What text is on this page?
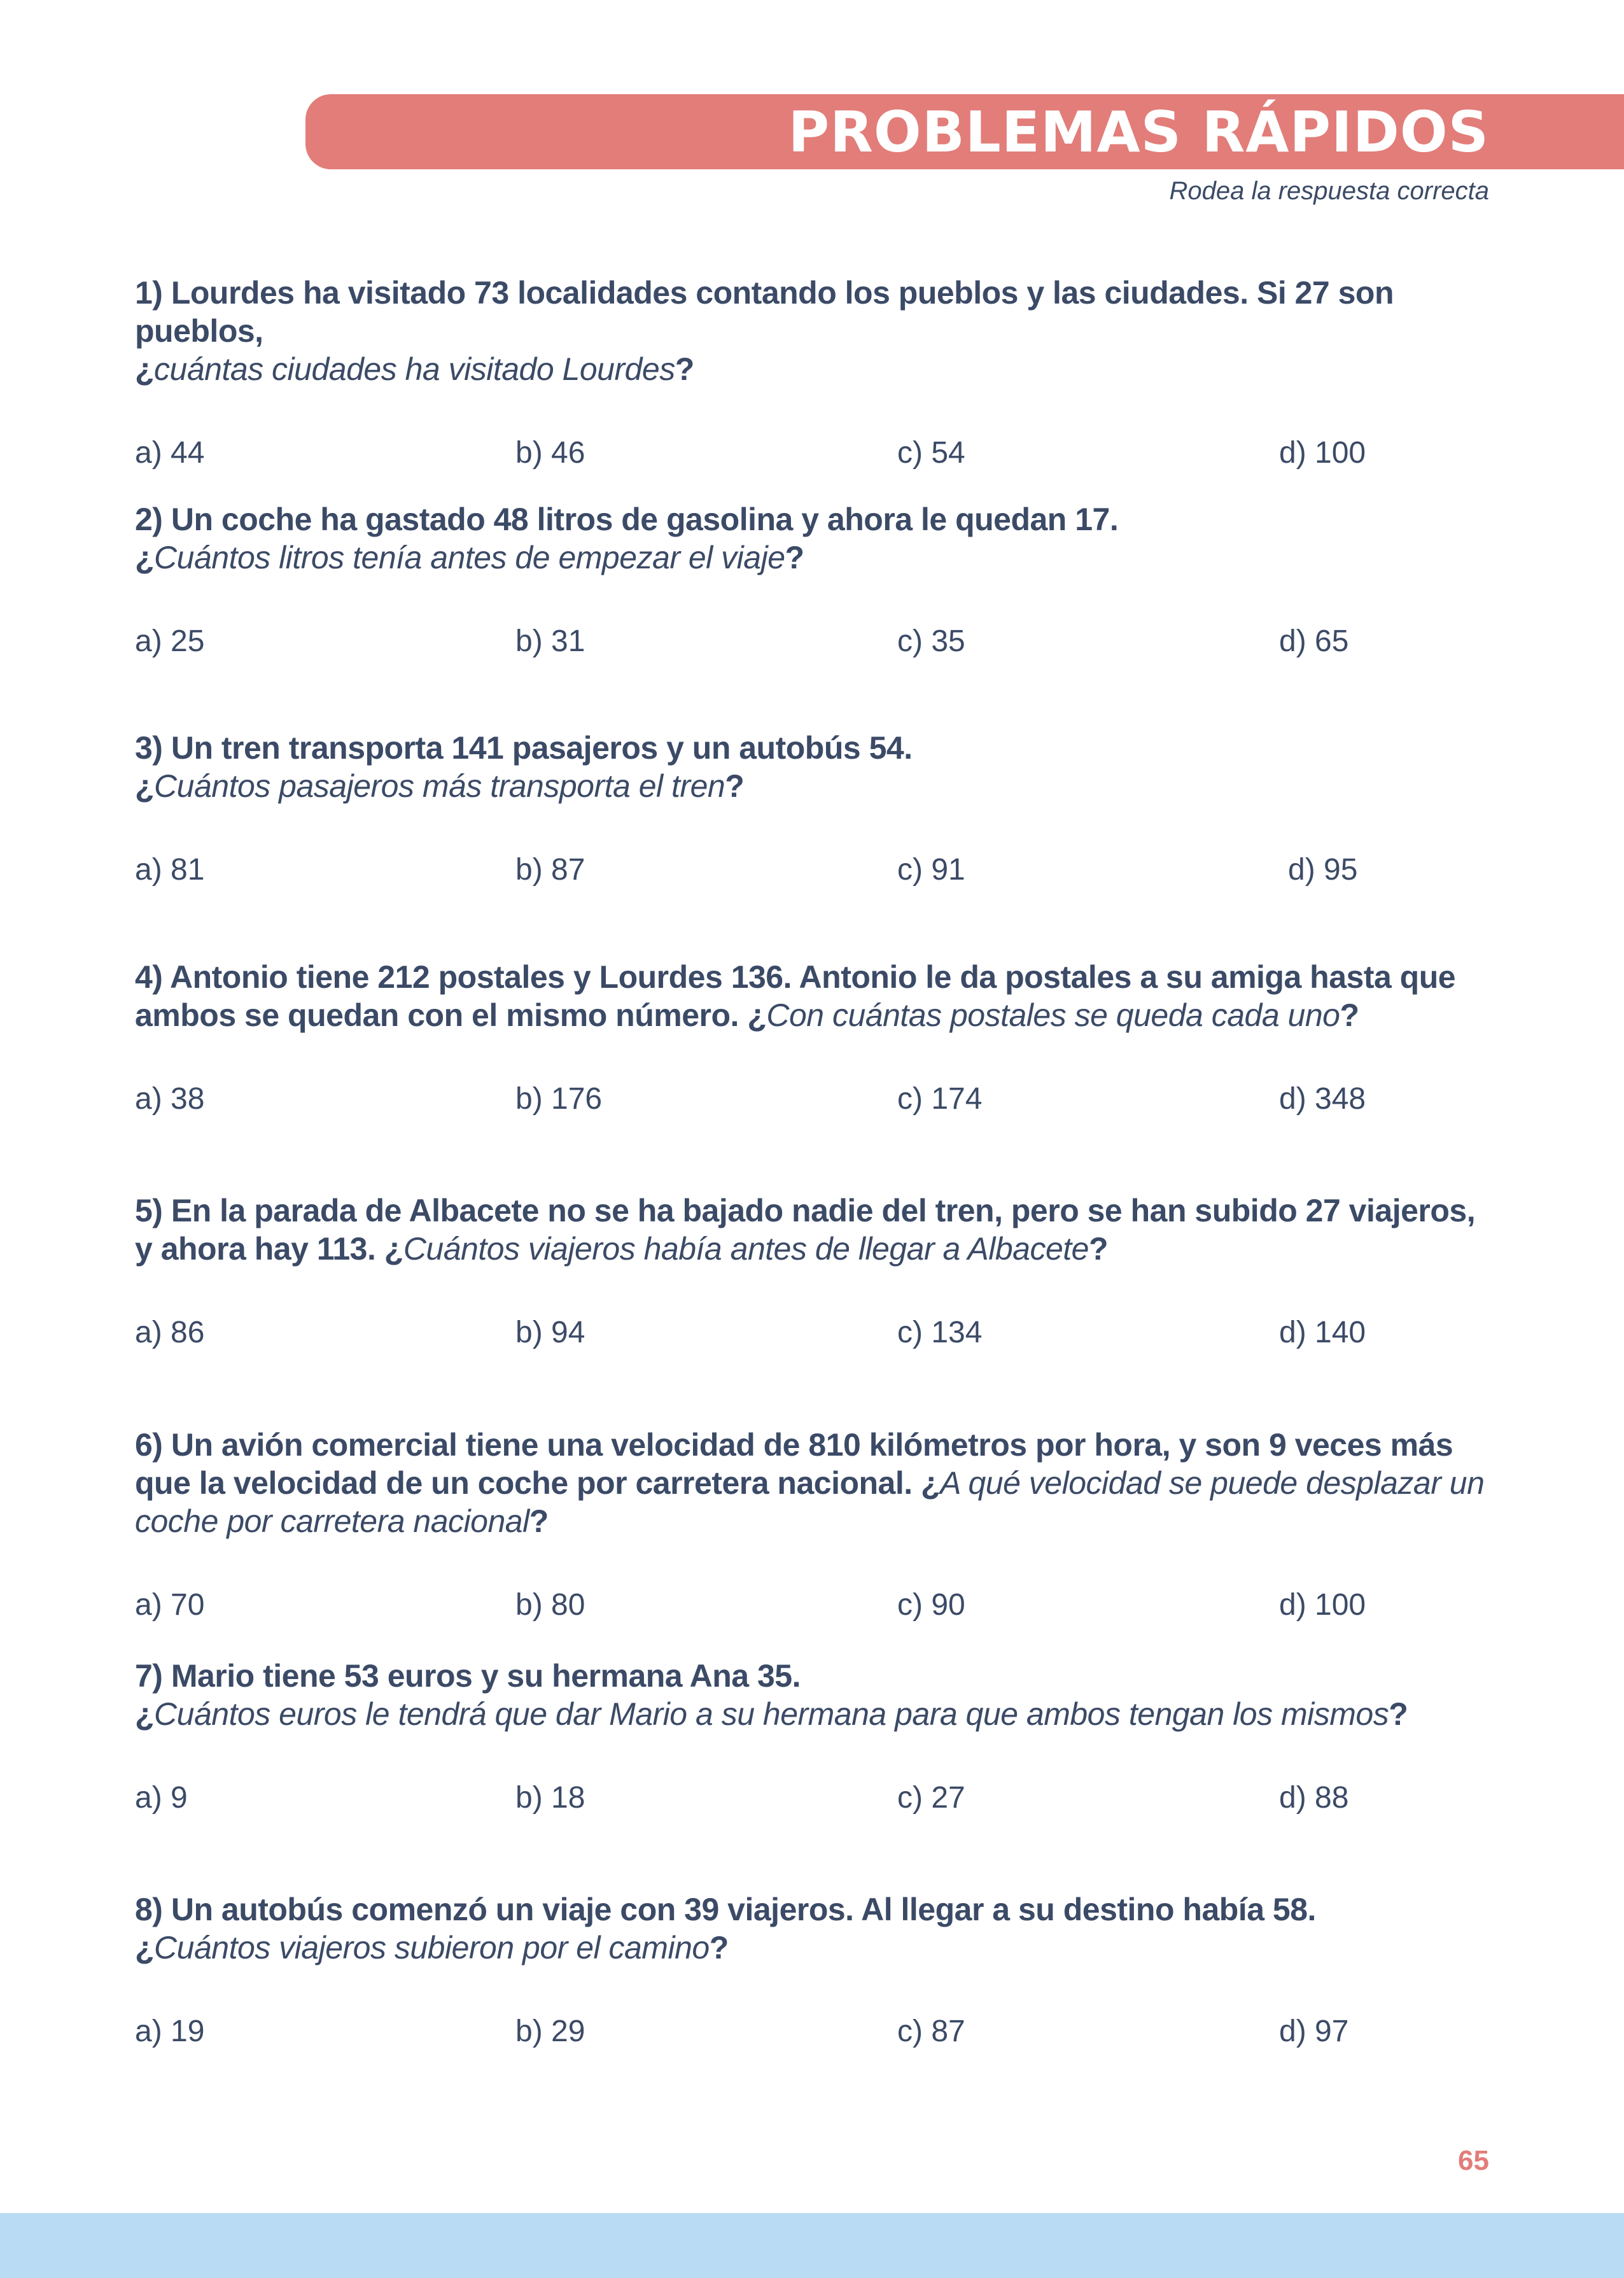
PROBLEMAS RÁPIDOS
Rodea la respuesta correcta
1) Lourdes ha visitado 73 localidades contando los pueblos y las ciudades. Si 27 son pueblos,
¿cuántas ciudades ha visitado Lourdes?
a) 44	b) 46	c) 54	d) 100
2) Un coche ha gastado 48 litros de gasolina y ahora le quedan 17.
¿Cuántos litros tenía antes de empezar el viaje?
a) 25	b) 31	c) 35	d) 65
3) Un tren transporta 141 pasajeros y un autobús 54.
¿Cuántos pasajeros más transporta el tren?
a) 81	b) 87	c) 91	d) 95
4) Antonio tiene 212 postales y Lourdes 136. Antonio le da postales a su amiga hasta que ambos se quedan con el mismo número. ¿Con cuántas postales se queda cada uno?
a) 38	b) 176	c) 174	d) 348
5) En la parada de Albacete no se ha bajado nadie del tren, pero se han subido 27 viajeros, y ahora hay 113. ¿Cuántos viajeros había antes de llegar a Albacete?
a) 86	b) 94	c) 134	d) 140
6) Un avión comercial tiene una velocidad de 810 kilómetros por hora, y son 9 veces más que la velocidad de un coche por carretera nacional. ¿A qué velocidad se puede desplazar un coche por carretera nacional?
a) 70	b) 80	c) 90	d) 100
7) Mario tiene 53 euros y su hermana Ana 35.
¿Cuántos euros le tendrá que dar Mario a su hermana para que ambos tengan los mismos?
a) 9	b) 18	c) 27	d) 88
8) Un autobús comenzó un viaje con 39 viajeros. Al llegar a su destino había 58.
¿Cuántos viajeros subieron por el camino?
a) 19	b) 29	c) 87	d) 97
65
